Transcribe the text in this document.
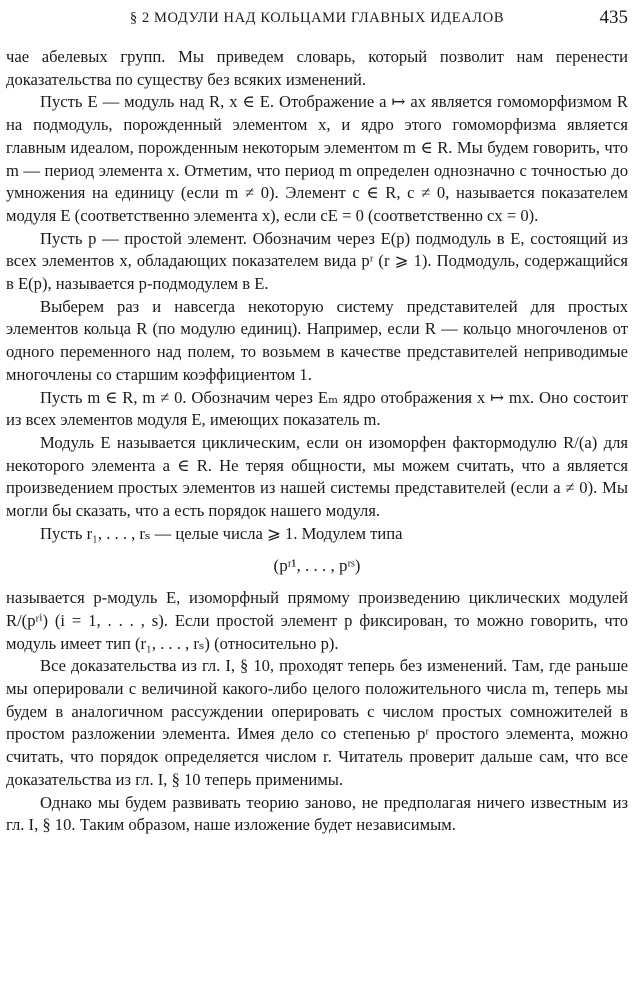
§ 2 МОДУЛИ НАД КОЛЬЦАМИ ГЛАВНЫХ ИДЕАЛОВ	435

чае абелевых групп. Мы приведем словарь, который позволит нам перенести доказательства по существу без всяких изменений.

Пусть E — модуль над R, x ∈ E. Отображение a ↦ ax является гомоморфизмом R на подмодуль, порожденный элементом x, и ядро этого гомоморфизма является главным идеалом, порожденным некоторым элементом m ∈ R. Мы будем говорить, что m — период элемента x. Отметим, что период m определен однозначно с точностью до умножения на единицу (если m ≠ 0). Элемент c ∈ R, c ≠ 0, называется показателем модуля E (соответственно элемента x), если cE = 0 (соответственно cx = 0).

Пусть p — простой элемент. Обозначим через E(p) подмодуль в E, состоящий из всех элементов x, обладающих показателем вида pʳ (r ⩾ 1). Подмодуль, содержащийся в E(p), называется p-подмодулем в E.

Выберем раз и навсегда некоторую систему представителей для простых элементов кольца R (по модулю единиц). Например, если R — кольцо многочленов от одного переменного над полем, то возьмем в качестве представителей неприводимые многочлены со старшим коэффициентом 1.

Пусть m ∈ R, m ≠ 0. Обозначим через Eₘ ядро отображения x ↦ mx. Оно состоит из всех элементов модуля E, имеющих показатель m.

Модуль E называется циклическим, если он изоморфен фактормодулю R/(a) для некоторого элемента a ∈ R. Не теряя общности, мы можем считать, что a является произведением простых элементов из нашей системы представителей (если a ≠ 0). Мы могли бы сказать, что a есть порядок нашего модуля.

Пусть r₁, . . . , rₛ — целые числа ⩾ 1. Модулем типа

(pʳ¹, . . . , pʳˢ)

называется p-модуль E, изоморфный прямому произведению циклических модулей R/(pʳⁱ) (i = 1, . . . , s). Если простой элемент p фиксирован, то можно говорить, что модуль имеет тип (r₁, . . . , rₛ) (относительно p).

Все доказательства из гл. I, § 10, проходят теперь без изменений. Там, где раньше мы оперировали с величиной какого-либо целого положительного числа m, теперь мы будем в аналогичном рассуждении оперировать с числом простых сомножителей в простом разложении элемента. Имея дело со степенью pʳ простого элемента, можно считать, что порядок определяется числом r. Читатель проверит дальше сам, что все доказательства из гл. I, § 10 теперь применимы.

Однако мы будем развивать теорию заново, не предполагая ничего известным из гл. I, § 10. Таким образом, наше изложение будет независимым.
